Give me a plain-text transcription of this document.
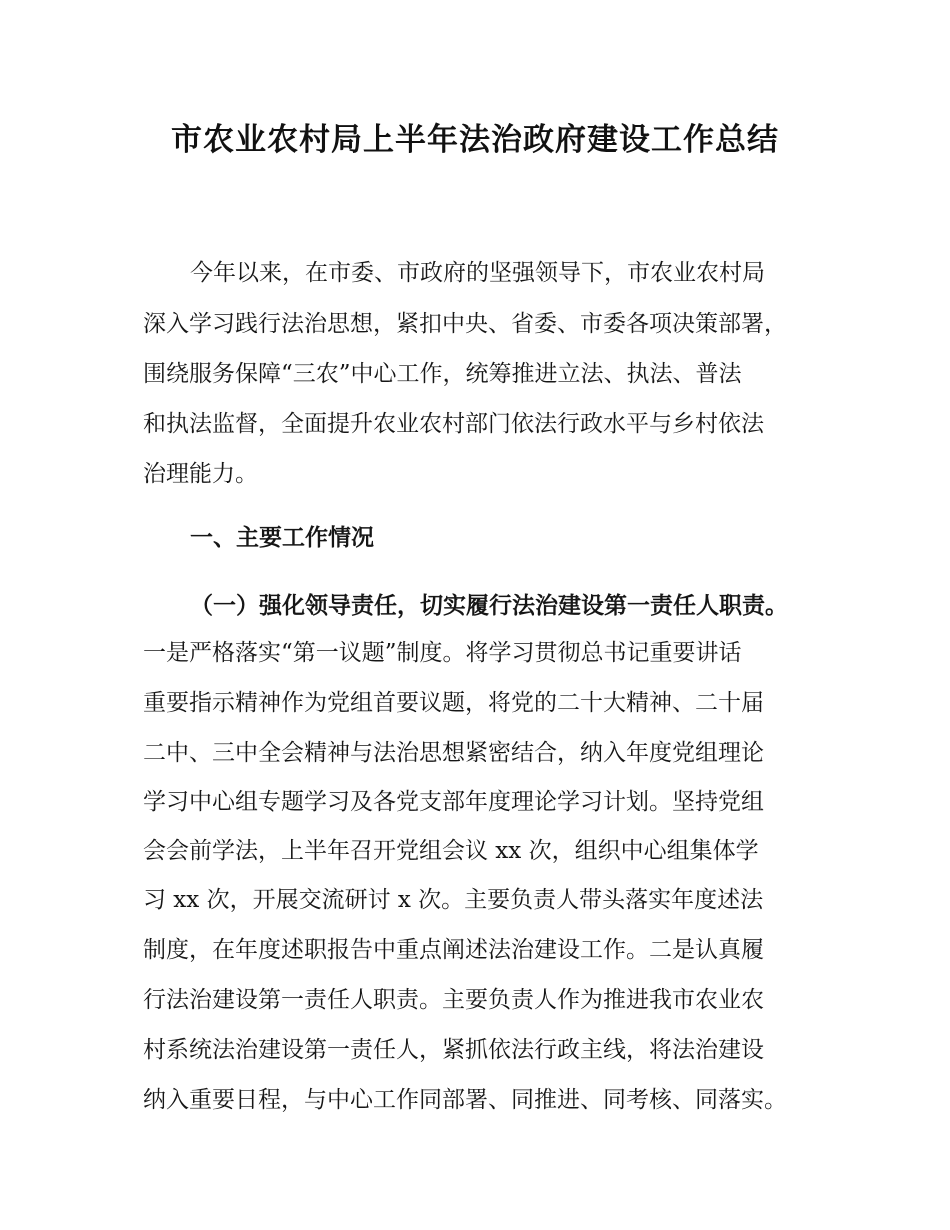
市农业农村局上半年法治政府建设工作总结
今年以来，在市委、市政府的坚强领导下，市农业农村局
深入学习践行法治思想，紧扣中央、省委、市委各项决策部署，
围绕服务保障“三农”中心工作，统筹推进立法、执法、普法
和执法监督，全面提升农业农村部门依法行政水平与乡村依法
治理能力。
一、主要工作情况
（一）强化领导责任，切实履行法治建设第一责任人职责。
一是严格落实“第一议题”制度。将学习贯彻总书记重要讲话
重要指示精神作为党组首要议题，将党的二十大精神、二十届
二中、三中全会精神与法治思想紧密结合，纳入年度党组理论
学习中心组专题学习及各党支部年度理论学习计划。坚持党组
会会前学法，上半年召开党组会议 xx 次，组织中心组集体学
习 xx 次，开展交流研讨 x 次。主要负责人带头落实年度述法
制度，在年度述职报告中重点阐述法治建设工作。二是认真履
行法治建设第一责任人职责。主要负责人作为推进我市农业农
村系统法治建设第一责任人，紧抓依法行政主线，将法治建设
纳入重要日程，与中心工作同部署、同推进、同考核、同落实。
